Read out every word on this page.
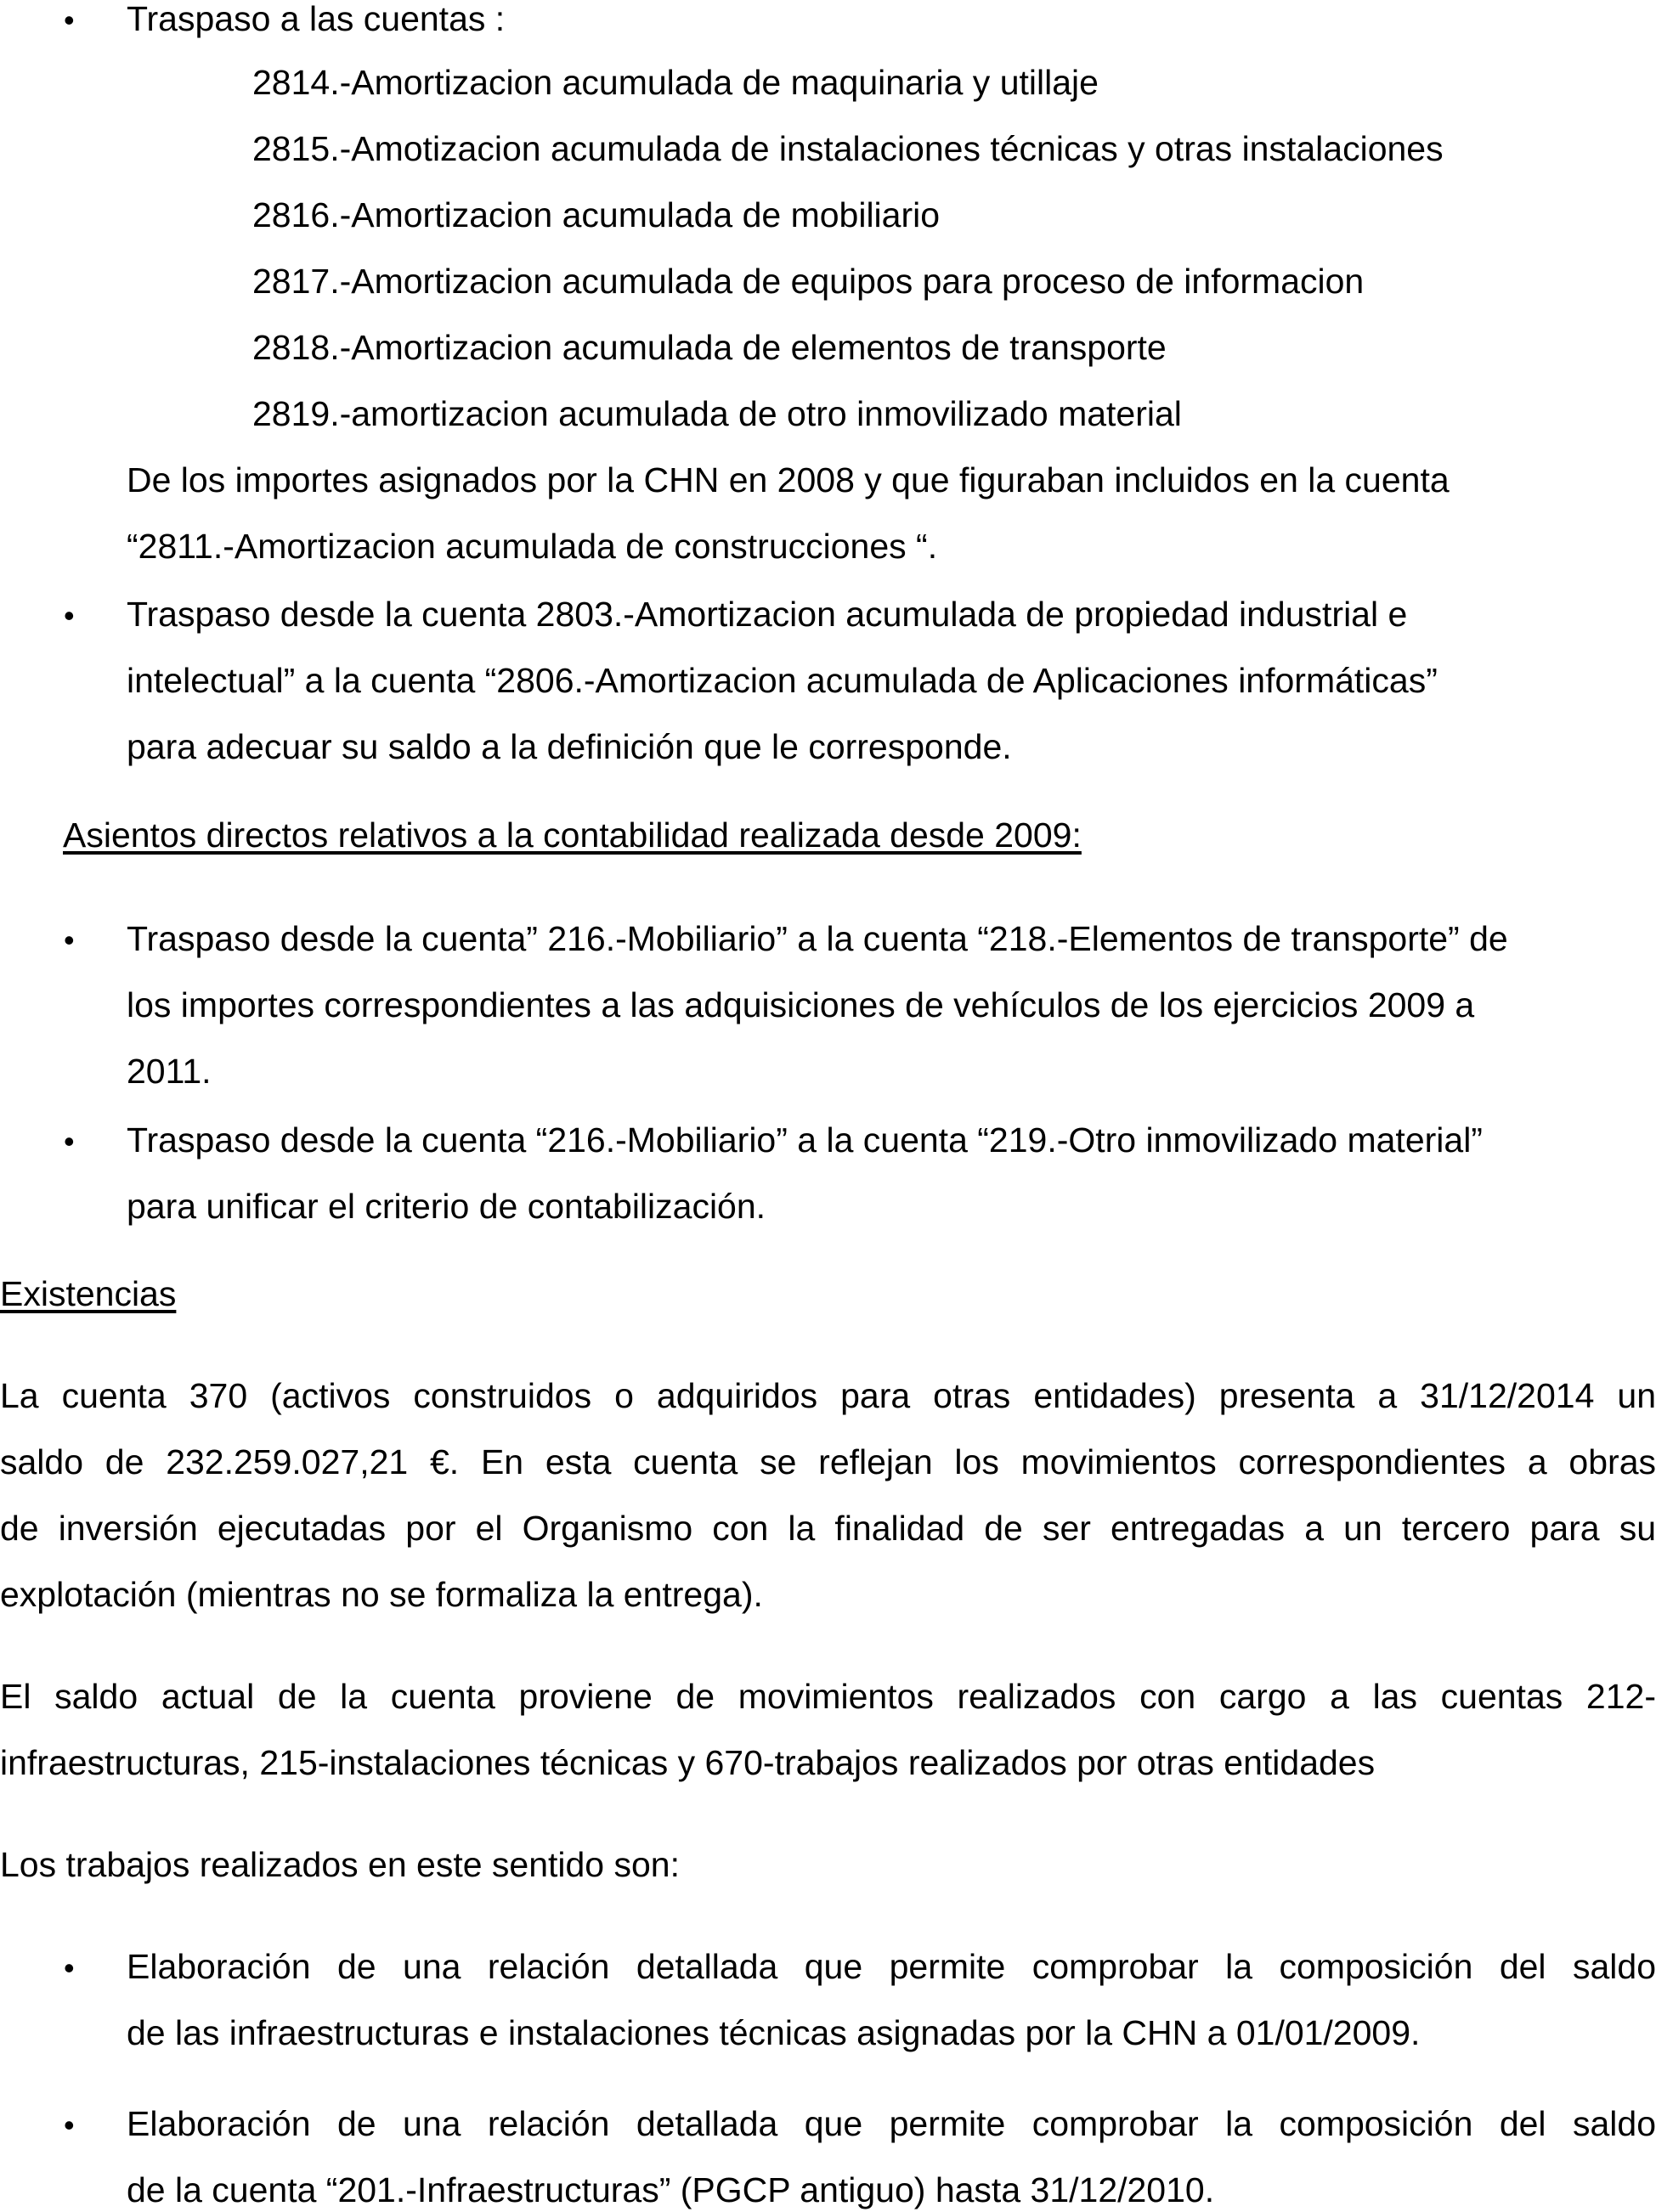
• Traspaso a las cuentas :
2814.-Amortizacion acumulada de maquinaria y utillaje
2815.-Amotizacion acumulada de instalaciones técnicas y otras instalaciones
2816.-Amortizacion acumulada de mobiliario
2817.-Amortizacion acumulada de equipos para proceso de informacion
2818.-Amortizacion acumulada de elementos de transporte
2819.-amortizacion acumulada de otro inmovilizado material
De los importes asignados por la CHN en 2008 y que figuraban incluidos en la cuenta
“2811.-Amortizacion acumulada de construcciones “.
• Traspaso desde la cuenta 2803.-Amortizacion acumulada de propiedad industrial e
intelectual” a la cuenta “2806.-Amortizacion acumulada de Aplicaciones informáticas”
para adecuar su saldo a la definición que le corresponde.
Asientos directos relativos a la contabilidad realizada desde 2009:
• Traspaso desde la cuenta” 216.-Mobiliario” a la cuenta “218.-Elementos de transporte” de
los importes correspondientes a las adquisiciones de vehículos de los ejercicios 2009 a
2011.
• Traspaso desde la cuenta “216.-Mobiliario” a la cuenta “219.-Otro inmovilizado material”
para unificar el criterio de contabilización.
Existencias
La cuenta 370 (activos construidos o adquiridos para otras entidades) presenta a 31/12/2014 un
saldo de 232.259.027,21 €. En esta cuenta se reflejan los movimientos correspondientes a obras
de inversión ejecutadas por el Organismo con la finalidad de ser entregadas a un tercero para su
explotación (mientras no se formaliza la entrega).
El saldo actual de la cuenta proviene de movimientos realizados con cargo a las cuentas 212-
infraestructuras, 215-instalaciones técnicas y 670-trabajos realizados por otras entidades
Los trabajos realizados en este sentido son:
• Elaboración de una relación detallada que permite comprobar la composición del saldo
de las infraestructuras e instalaciones técnicas asignadas por la CHN a 01/01/2009.
• Elaboración de una relación detallada que permite comprobar la composición del saldo
de la cuenta “201.-Infraestructuras” (PGCP antiguo) hasta 31/12/2010.
